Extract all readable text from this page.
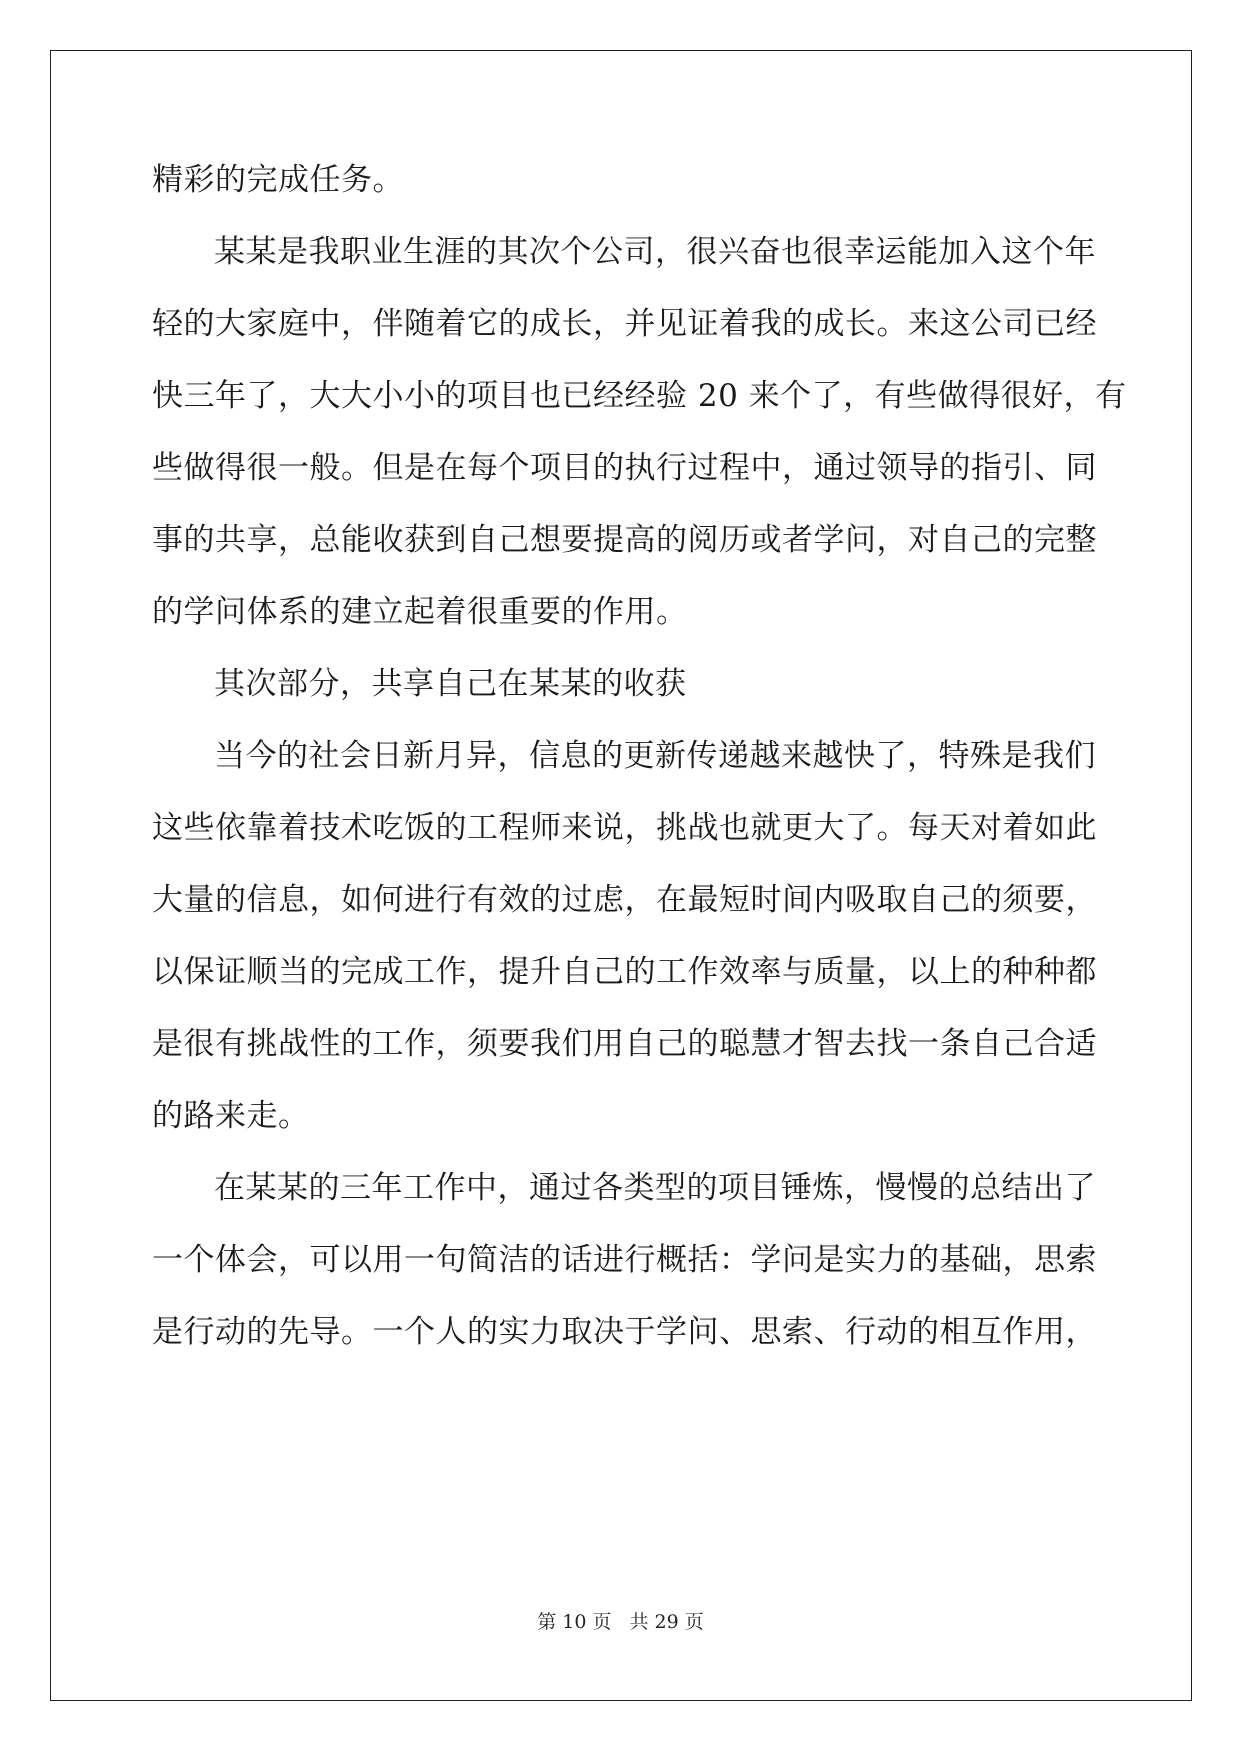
精彩的完成任务。
某某是我职业生涯的其次个公司，很兴奋也很幸运能加入这个年
轻的大家庭中，伴随着它的成长，并见证着我的成长。来这公司已经
快三年了，大大小小的项目也已经经验 20 来个了，有些做得很好，有
些做得很一般。但是在每个项目的执行过程中，通过领导的指引、同
事的共享，总能收获到自己想要提高的阅历或者学问，对自己的完整
的学问体系的建立起着很重要的作用。
其次部分，共享自己在某某的收获
当今的社会日新月异，信息的更新传递越来越快了，特殊是我们
这些依靠着技术吃饭的工程师来说，挑战也就更大了。每天对着如此
大量的信息，如何进行有效的过虑，在最短时间内吸取自己的须要，
以保证顺当的完成工作，提升自己的工作效率与质量，以上的种种都
是很有挑战性的工作，须要我们用自己的聪慧才智去找一条自己合适
的路来走。
在某某的三年工作中，通过各类型的项目锤炼，慢慢的总结出了
一个体会，可以用一句简洁的话进行概括：学问是实力的基础，思索
是行动的先导。一个人的实力取决于学问、思索、行动的相互作用，
第 10 页 共 29 页
